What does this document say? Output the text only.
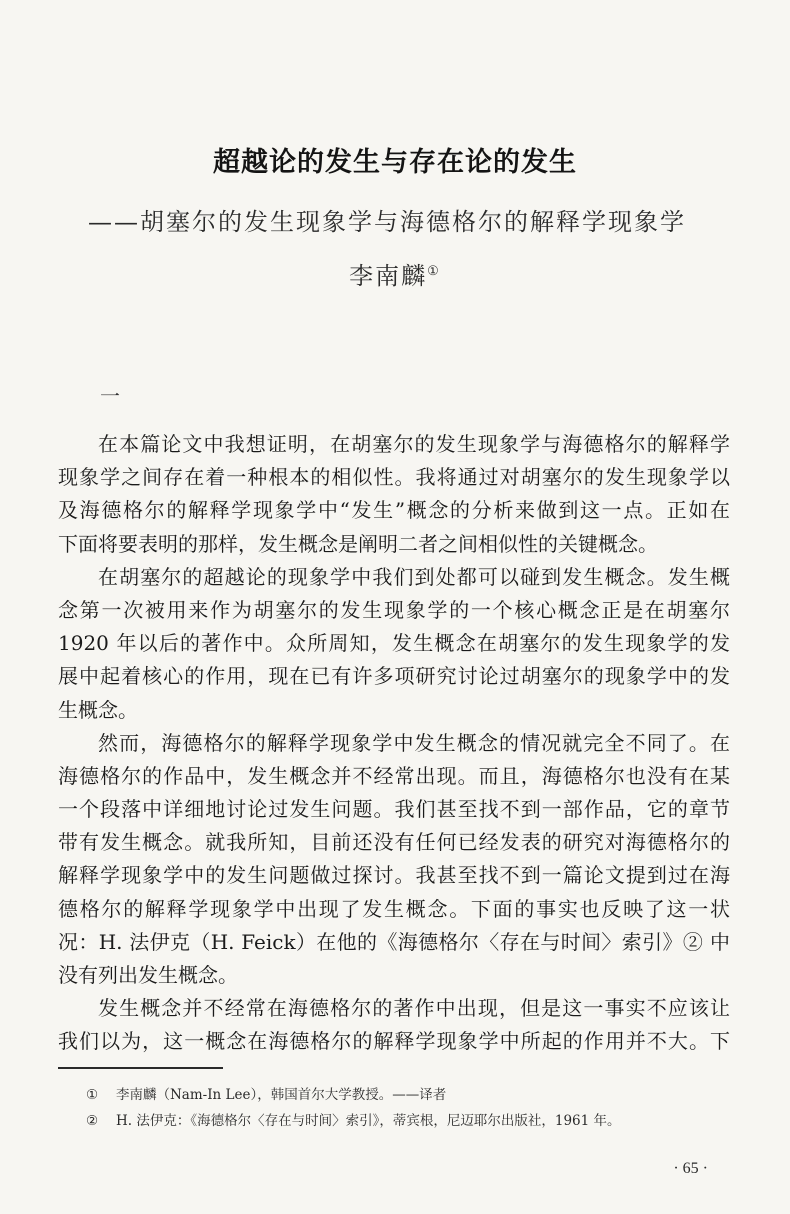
超越论的发生与存在论的发生
——胡塞尔的发生现象学与海德格尔的解释学现象学
李南麟①
一
在本篇论文中我想证明，在胡塞尔的发生现象学与海德格尔的解释学
现象学之间存在着一种根本的相似性。我将通过对胡塞尔的发生现象学以
及海德格尔的解释学现象学中“发生”概念的分析来做到这一点。正如在
下面将要表明的那样，发生概念是阐明二者之间相似性的关键概念。
在胡塞尔的超越论的现象学中我们到处都可以碰到发生概念。发生概
念第一次被用来作为胡塞尔的发生现象学的一个核心概念正是在胡塞尔
1920 年以后的著作中。众所周知，发生概念在胡塞尔的发生现象学的发
展中起着核心的作用，现在已有许多项研究讨论过胡塞尔的现象学中的发
生概念。
然而，海德格尔的解释学现象学中发生概念的情况就完全不同了。在
海德格尔的作品中，发生概念并不经常出现。而且，海德格尔也没有在某
一个段落中详细地讨论过发生问题。我们甚至找不到一部作品，它的章节
带有发生概念。就我所知，目前还没有任何已经发表的研究对海德格尔的
解释学现象学中的发生问题做过探讨。我甚至找不到一篇论文提到过在海
德格尔的解释学现象学中出现了发生概念。下面的事实也反映了这一状
况：H. 法伊克（H. Feick）在他的《海德格尔〈存在与时间〉索引》② 中
没有列出发生概念。
发生概念并不经常在海德格尔的著作中出现，但是这一事实不应该让
我们以为，这一概念在海德格尔的解释学现象学中所起的作用并不大。下
① 李南麟（Nam-In Lee），韩国首尔大学教授。——译者
② H. 法伊克：《海德格尔〈存在与时间〉索引》，蒂宾根，尼迈耶尔出版社，1961 年。
· 65 ·
